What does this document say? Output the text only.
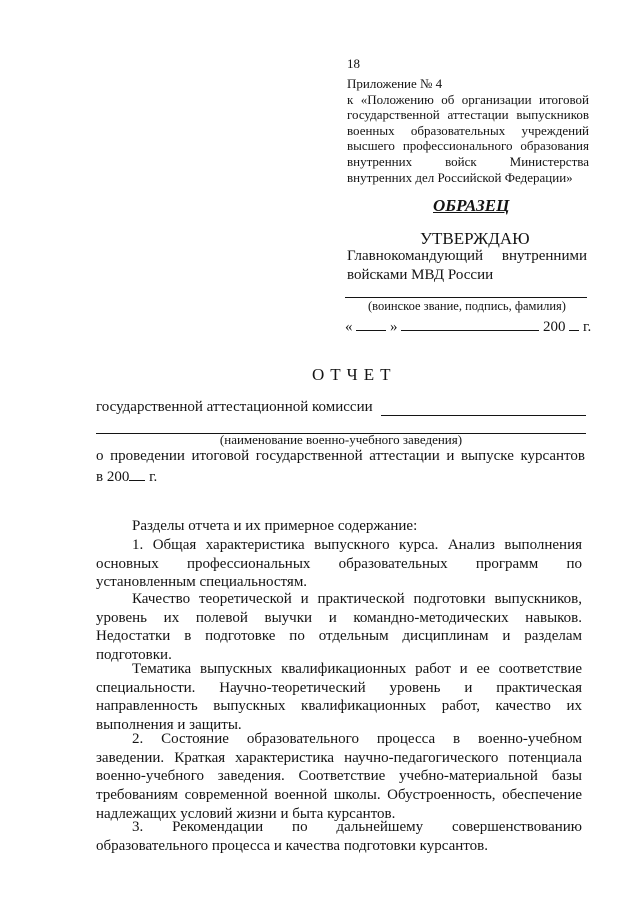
18
Приложение № 4
к «Положению об организации итоговой
государственной аттестации выпускников
военных образовательных учреждений
высшего профессионального образования
внутренних войск Министерства
внутренних дел Российской Федерации»
ОБРАЗЕЦ
УТВЕРЖДАЮ
Главнокомандующий внутренними
войсками МВД России
(воинское звание, подпись, фамилия)
«	»	200 г.
ОТЧЕТ
государственной аттестационной комиссии
(наименование военно-учебного заведения)
о проведении итоговой государственной аттестации и выпуске курсантов
в 200 г.
Разделы отчета и их примерное содержание:
1. Общая характеристика выпускного курса. Анализ выполнения
основных профессиональных образовательных программ по
установленным специальностям.
Качество теоретической и практической подготовки выпускников,
уровень их полевой выучки и командно-методических навыков.
Недостатки в подготовке по отдельным дисциплинам и разделам
подготовки.
Тематика выпускных квалификационных работ и ее соответствие
специальности. Научно-теоретический уровень и практическая
направленность выпускных квалификационных работ, качество их
выполнения и защиты.
2. Состояние образовательного процесса в военно-учебном
заведении. Краткая характеристика научно-педагогического потенциала
военно-учебного заведения. Соответствие учебно-материальной базы
требованиям современной военной школы. Обустроенность, обеспечение
надлежащих условий жизни и быта курсантов.
3. Рекомендации по дальнейшему совершенствованию
образовательного процесса и качества подготовки курсантов.
